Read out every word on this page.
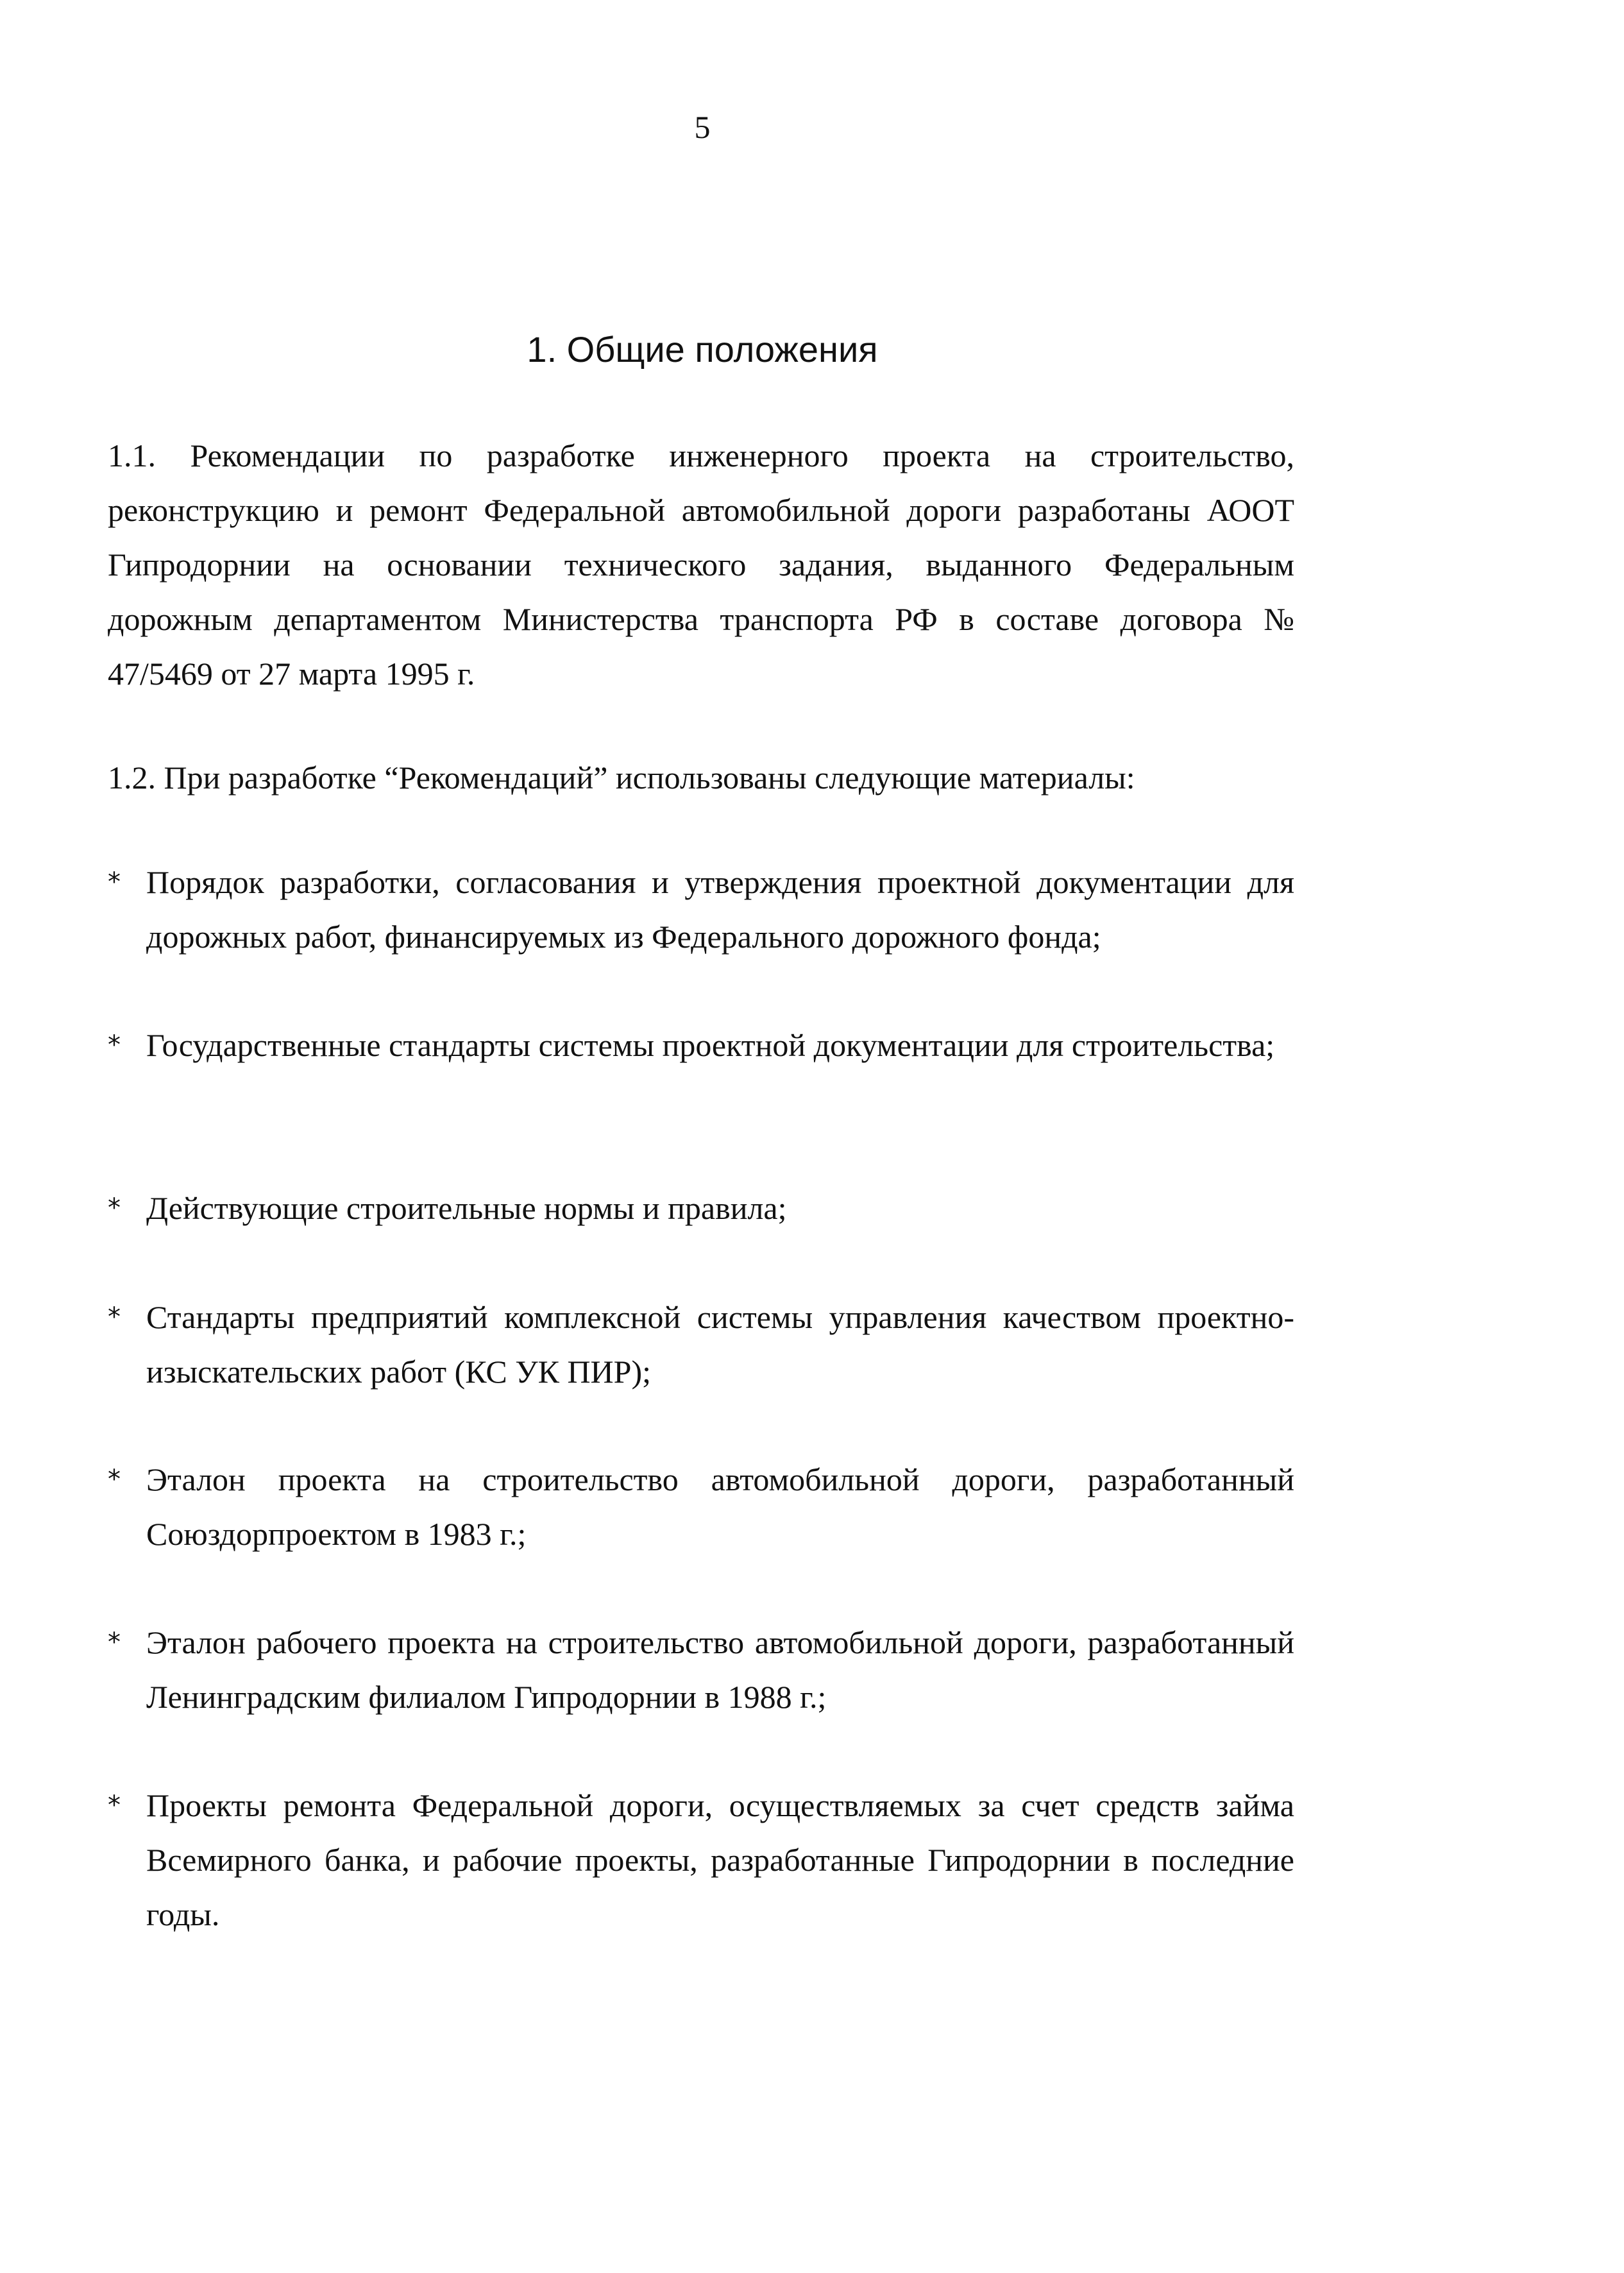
5
1. Общие положения
1.1. Рекомендации по разработке инженерного проекта на строительство, реконструкцию и ремонт Федеральной автомобильной дороги разработаны АООТ Гипродорнии на основании технического задания, выданного Федеральным дорожным департаментом Министерства транспорта РФ в составе договора № 47/5469 от 27 марта 1995 г.
1.2. При разработке “Рекомендаций” использованы следующие материалы:
* Порядок разработки, согласования и утверждения проектной документации для дорожных работ, финансируемых из Федерального дорожного фонда;
* Государственные стандарты системы проектной документации для строительства;
* Действующие строительные нормы и правила;
* Стандарты предприятий комплексной системы управления качеством проектно-изыскательских работ (КС УК ПИР);
* Эталон проекта на строительство автомобильной дороги, разработанный Союздорпроектом в 1983 г.;
* Эталон рабочего проекта на строительство автомобильной дороги, разработанный Ленинградским филиалом Гипродорнии в 1988 г.;
* Проекты ремонта Федеральной дороги, осуществляемых за счет средств займа Всемирного банка, и рабочие проекты, разработанные Гипродорнии в последние годы.
